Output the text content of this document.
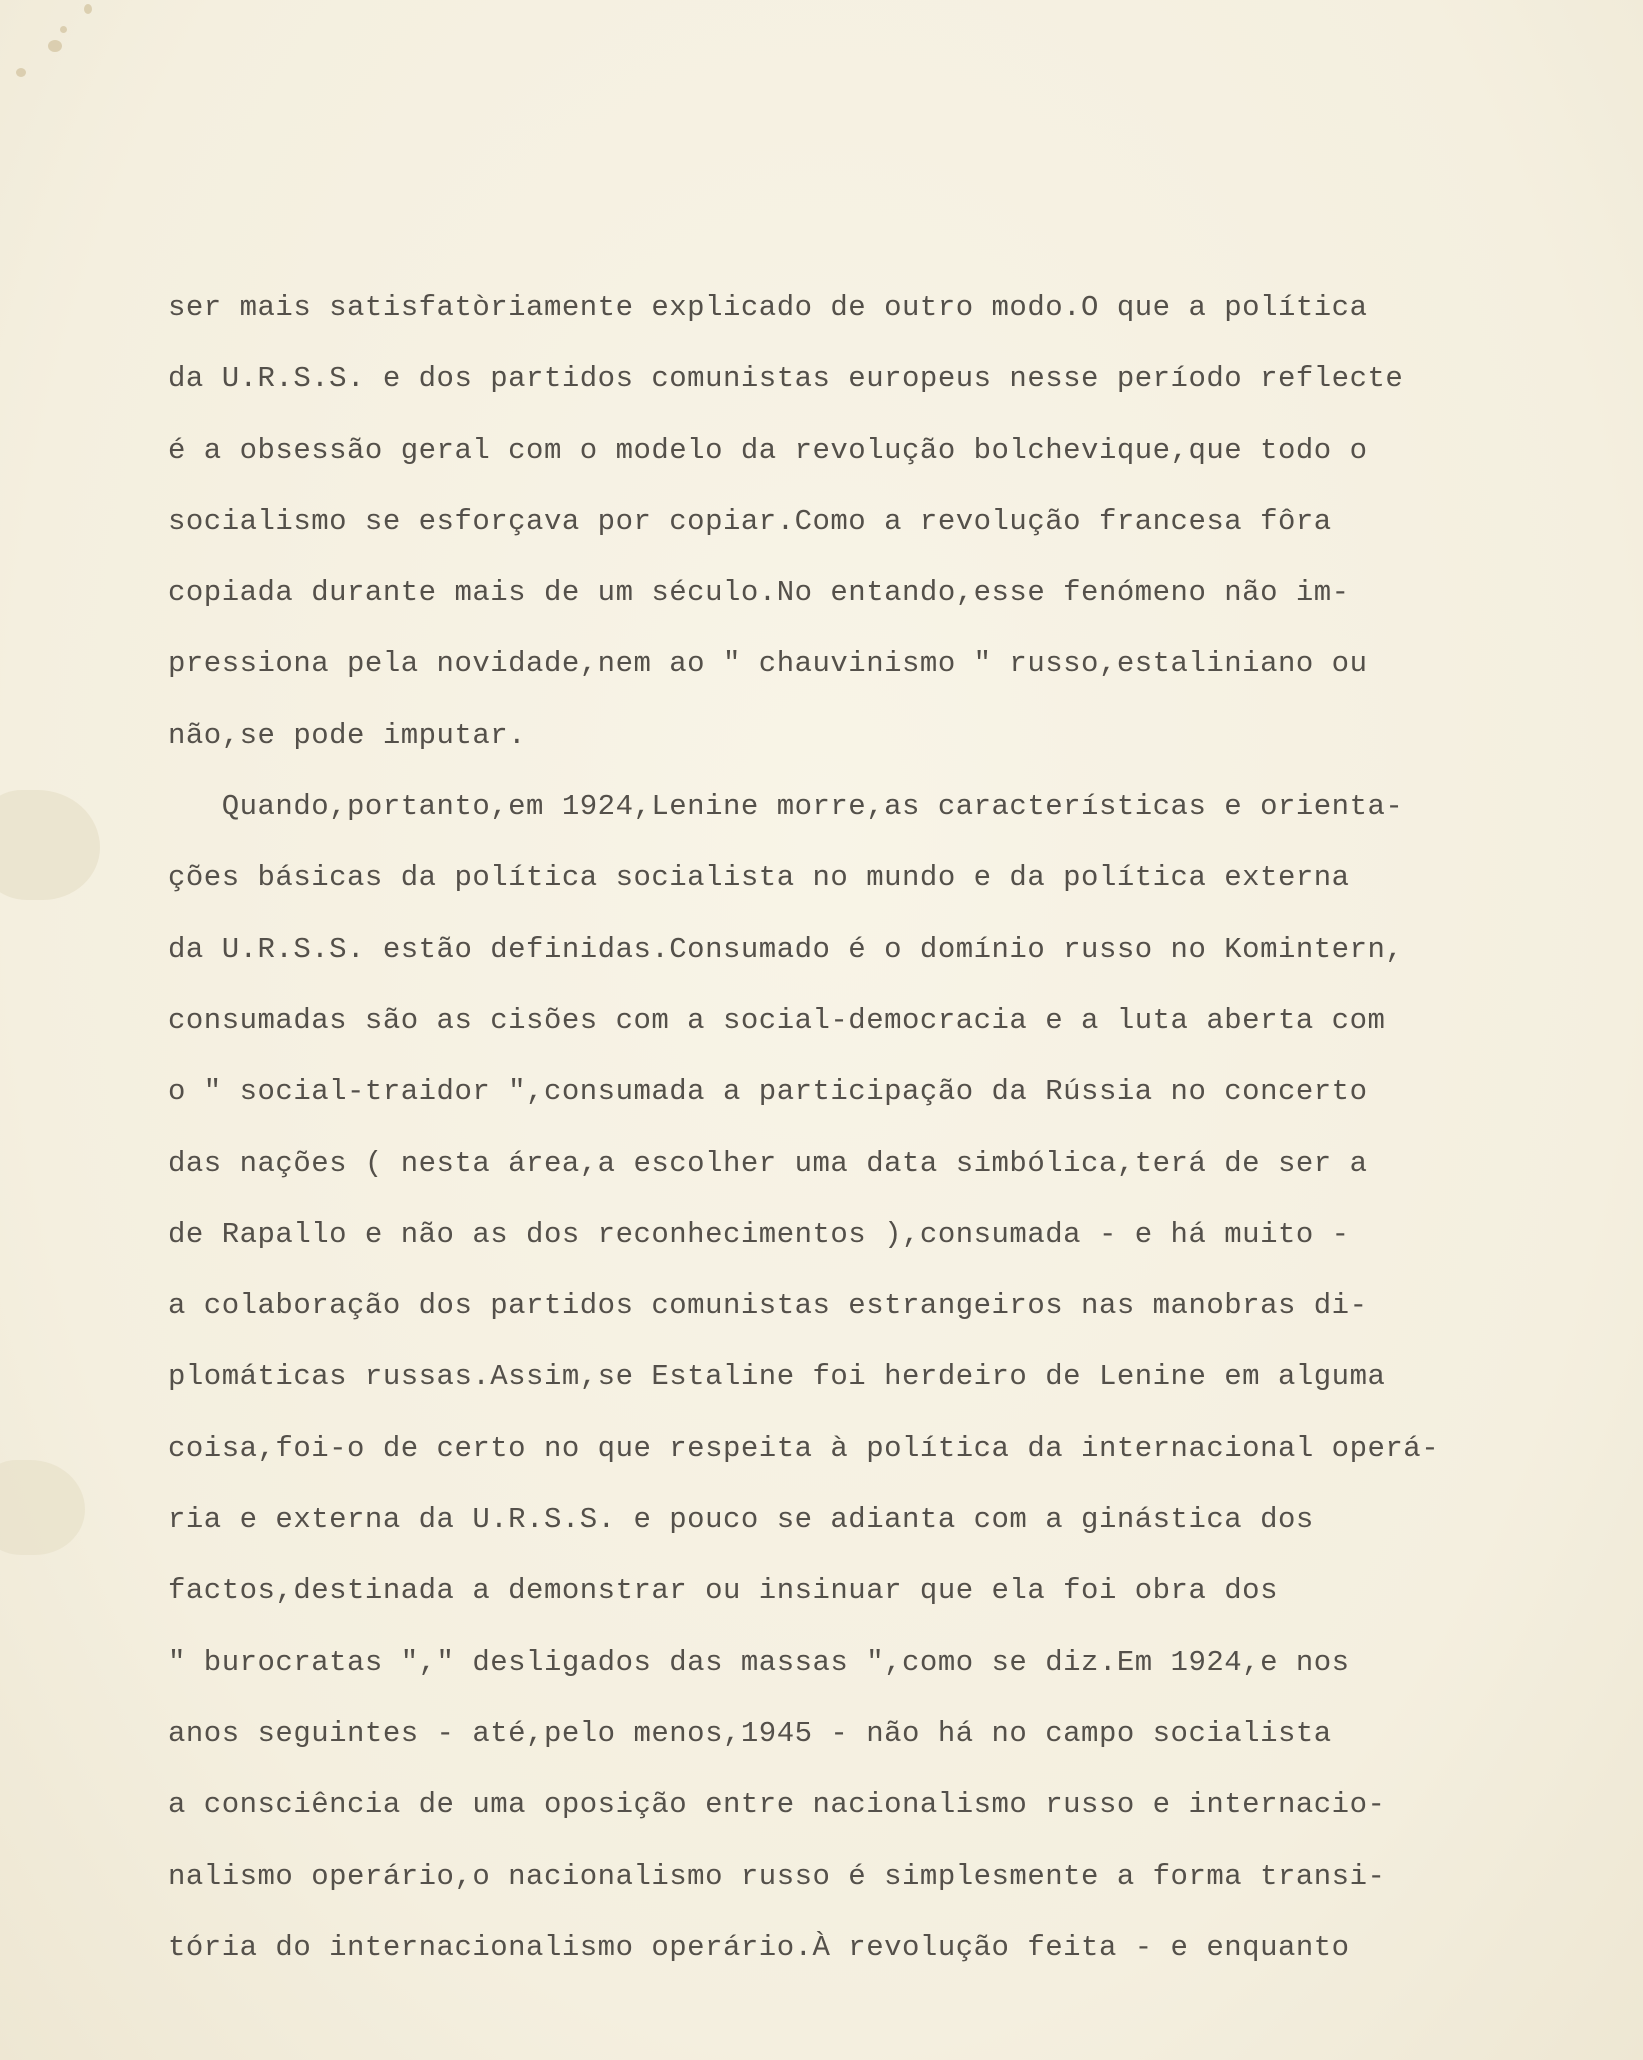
ser mais satisfatòriamente explicado de outro modo.O que a política
da U.R.S.S. e dos partidos comunistas europeus nesse período reflecte
é a obsessão geral com o modelo da revolução bolchevique,que todo o
socialismo se esforçava por copiar.Como a revolução francesa fôra
copiada durante mais de um século.No entando,esse fenómeno não im-
pressiona pela novidade,nem ao " chauvinismo " russo,estaliniano ou
não,se pode imputar.
Quando,portanto,em 1924,Lenine morre,as características e orienta-
ções básicas da política socialista no mundo e da política externa
da U.R.S.S. estão definidas.Consumado é o domínio russo no Komintern,
consumadas são as cisões com a social-democracia e a luta aberta com
o " social-traidor ",consumada a participação da Rússia no concerto
das nações ( nesta área,a escolher uma data simbólica,terá de ser a
de Rapallo e não as dos reconhecimentos ),consumada - e há muito -
a colaboração dos partidos comunistas estrangeiros nas manobras di-
plomáticas russas.Assim,se Estaline foi herdeiro de Lenine em alguma
coisa,foi-o de certo no que respeita à política da internacional operá-
ria e externa da U.R.S.S. e pouco se adianta com a ginástica dos
factos,destinada a demonstrar ou insinuar que ela foi obra dos
" burocratas "," desligados das massas ",como se diz.Em 1924,e nos
anos seguintes - até,pelo menos,1945 - não há no campo socialista
a consciência de uma oposição entre nacionalismo russo e internacio-
nalismo operário,o nacionalismo russo é simplesmente a forma transi-
tória do internacionalismo operário.À revolução feita - e enquanto
